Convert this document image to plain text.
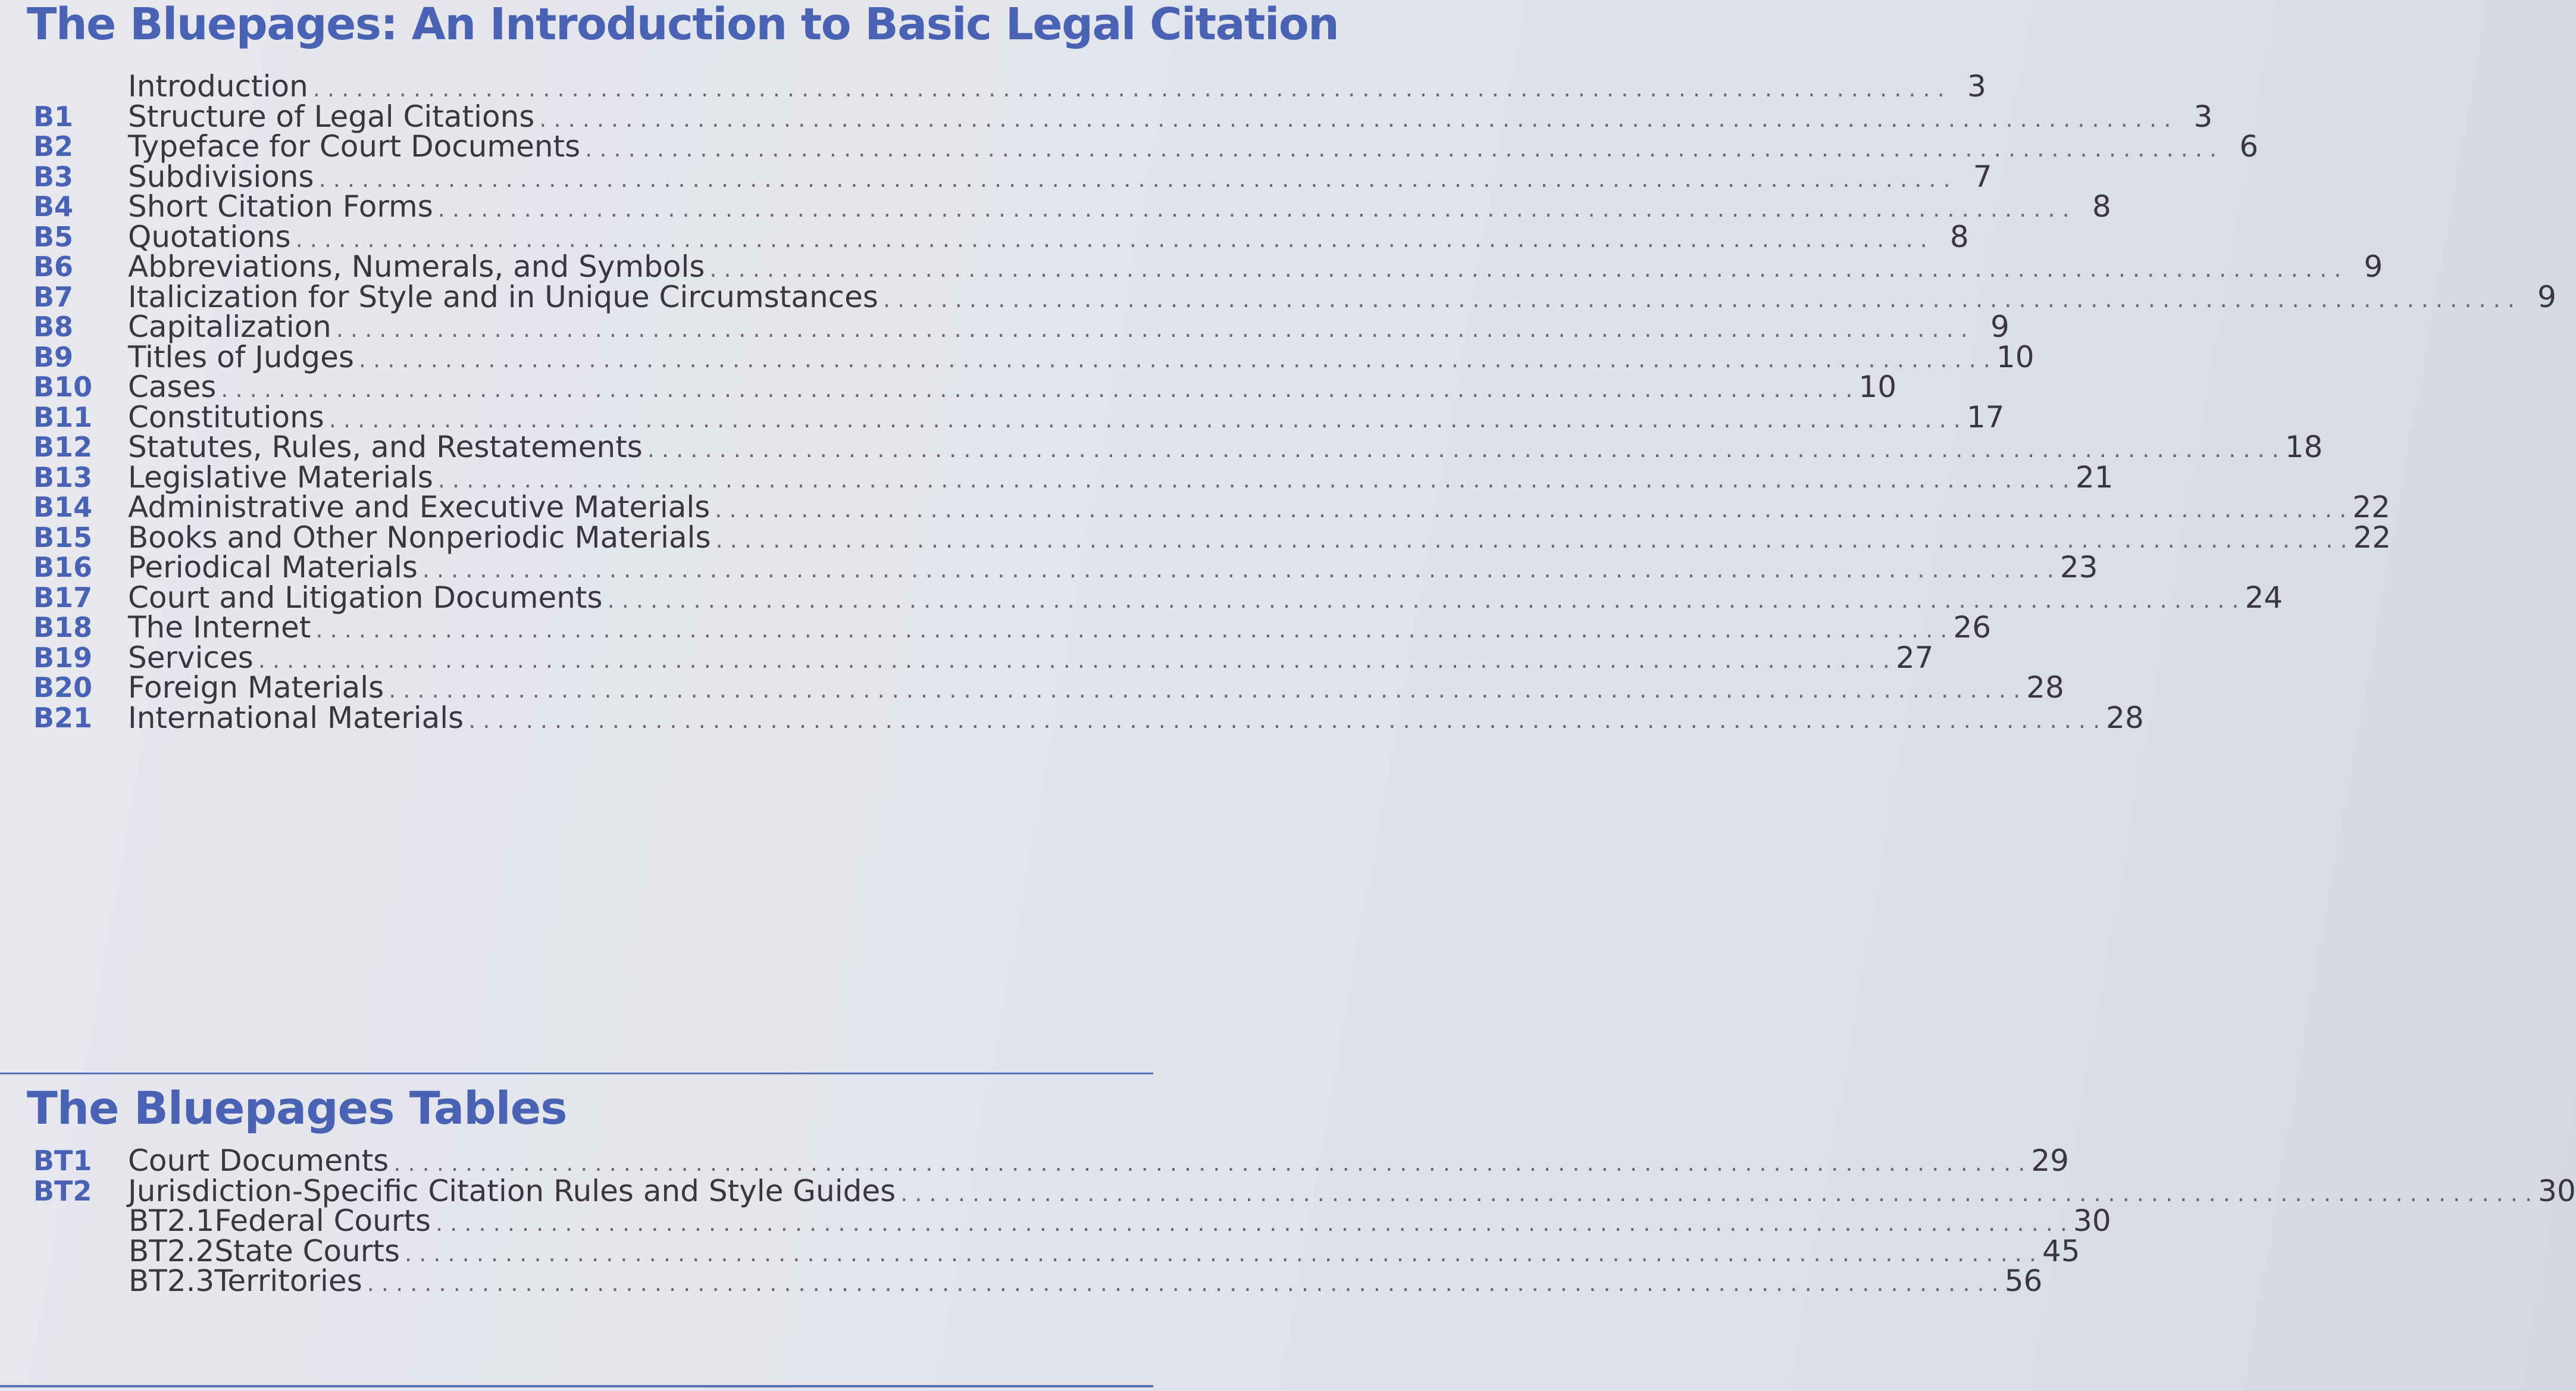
The Bluepages: An Introduction to Basic Legal Citation
Introduction . . .	3
B1	Structure of Legal Citations . . .	3
B2	Typeface for Court Documents . . .	6
B3	Subdivisions . . .	7
B4	Short Citation Forms . . .	8
B5	Quotations . . .	8
B6	Abbreviations, Numerals, and Symbols . . .	9
B7	Italicization for Style and in Unique Circumstances . . .	9
B8	Capitalization . . .	9
B9	Titles of Judges . . .	10
B10 Cases . . .	10
B11 Constitutions . . .	17
B12 Statutes, Rules, and Restatements . . .	18
B13 Legislative Materials . . .	21
B14 Administrative and Executive Materials . . .	22
B15 Books and Other Nonperiodic Materials . . .	22
B16 Periodical Materials . . .	23
B17 Court and Litigation Documents . . .	24
B18 The Internet . . .	26
B19 Services . . .	27
B20 Foreign Materials . . .	28
B21 International Materials . . .	28
The Bluepages Tables
BT1 Court Documents . . .	29
BT2 Jurisdiction-Specific Citation Rules and Style Guides . . .	30
BT2.1 Federal Courts . . .	30
BT2.2 State Courts . . .	45
BT2.3 Territories . . .	56
